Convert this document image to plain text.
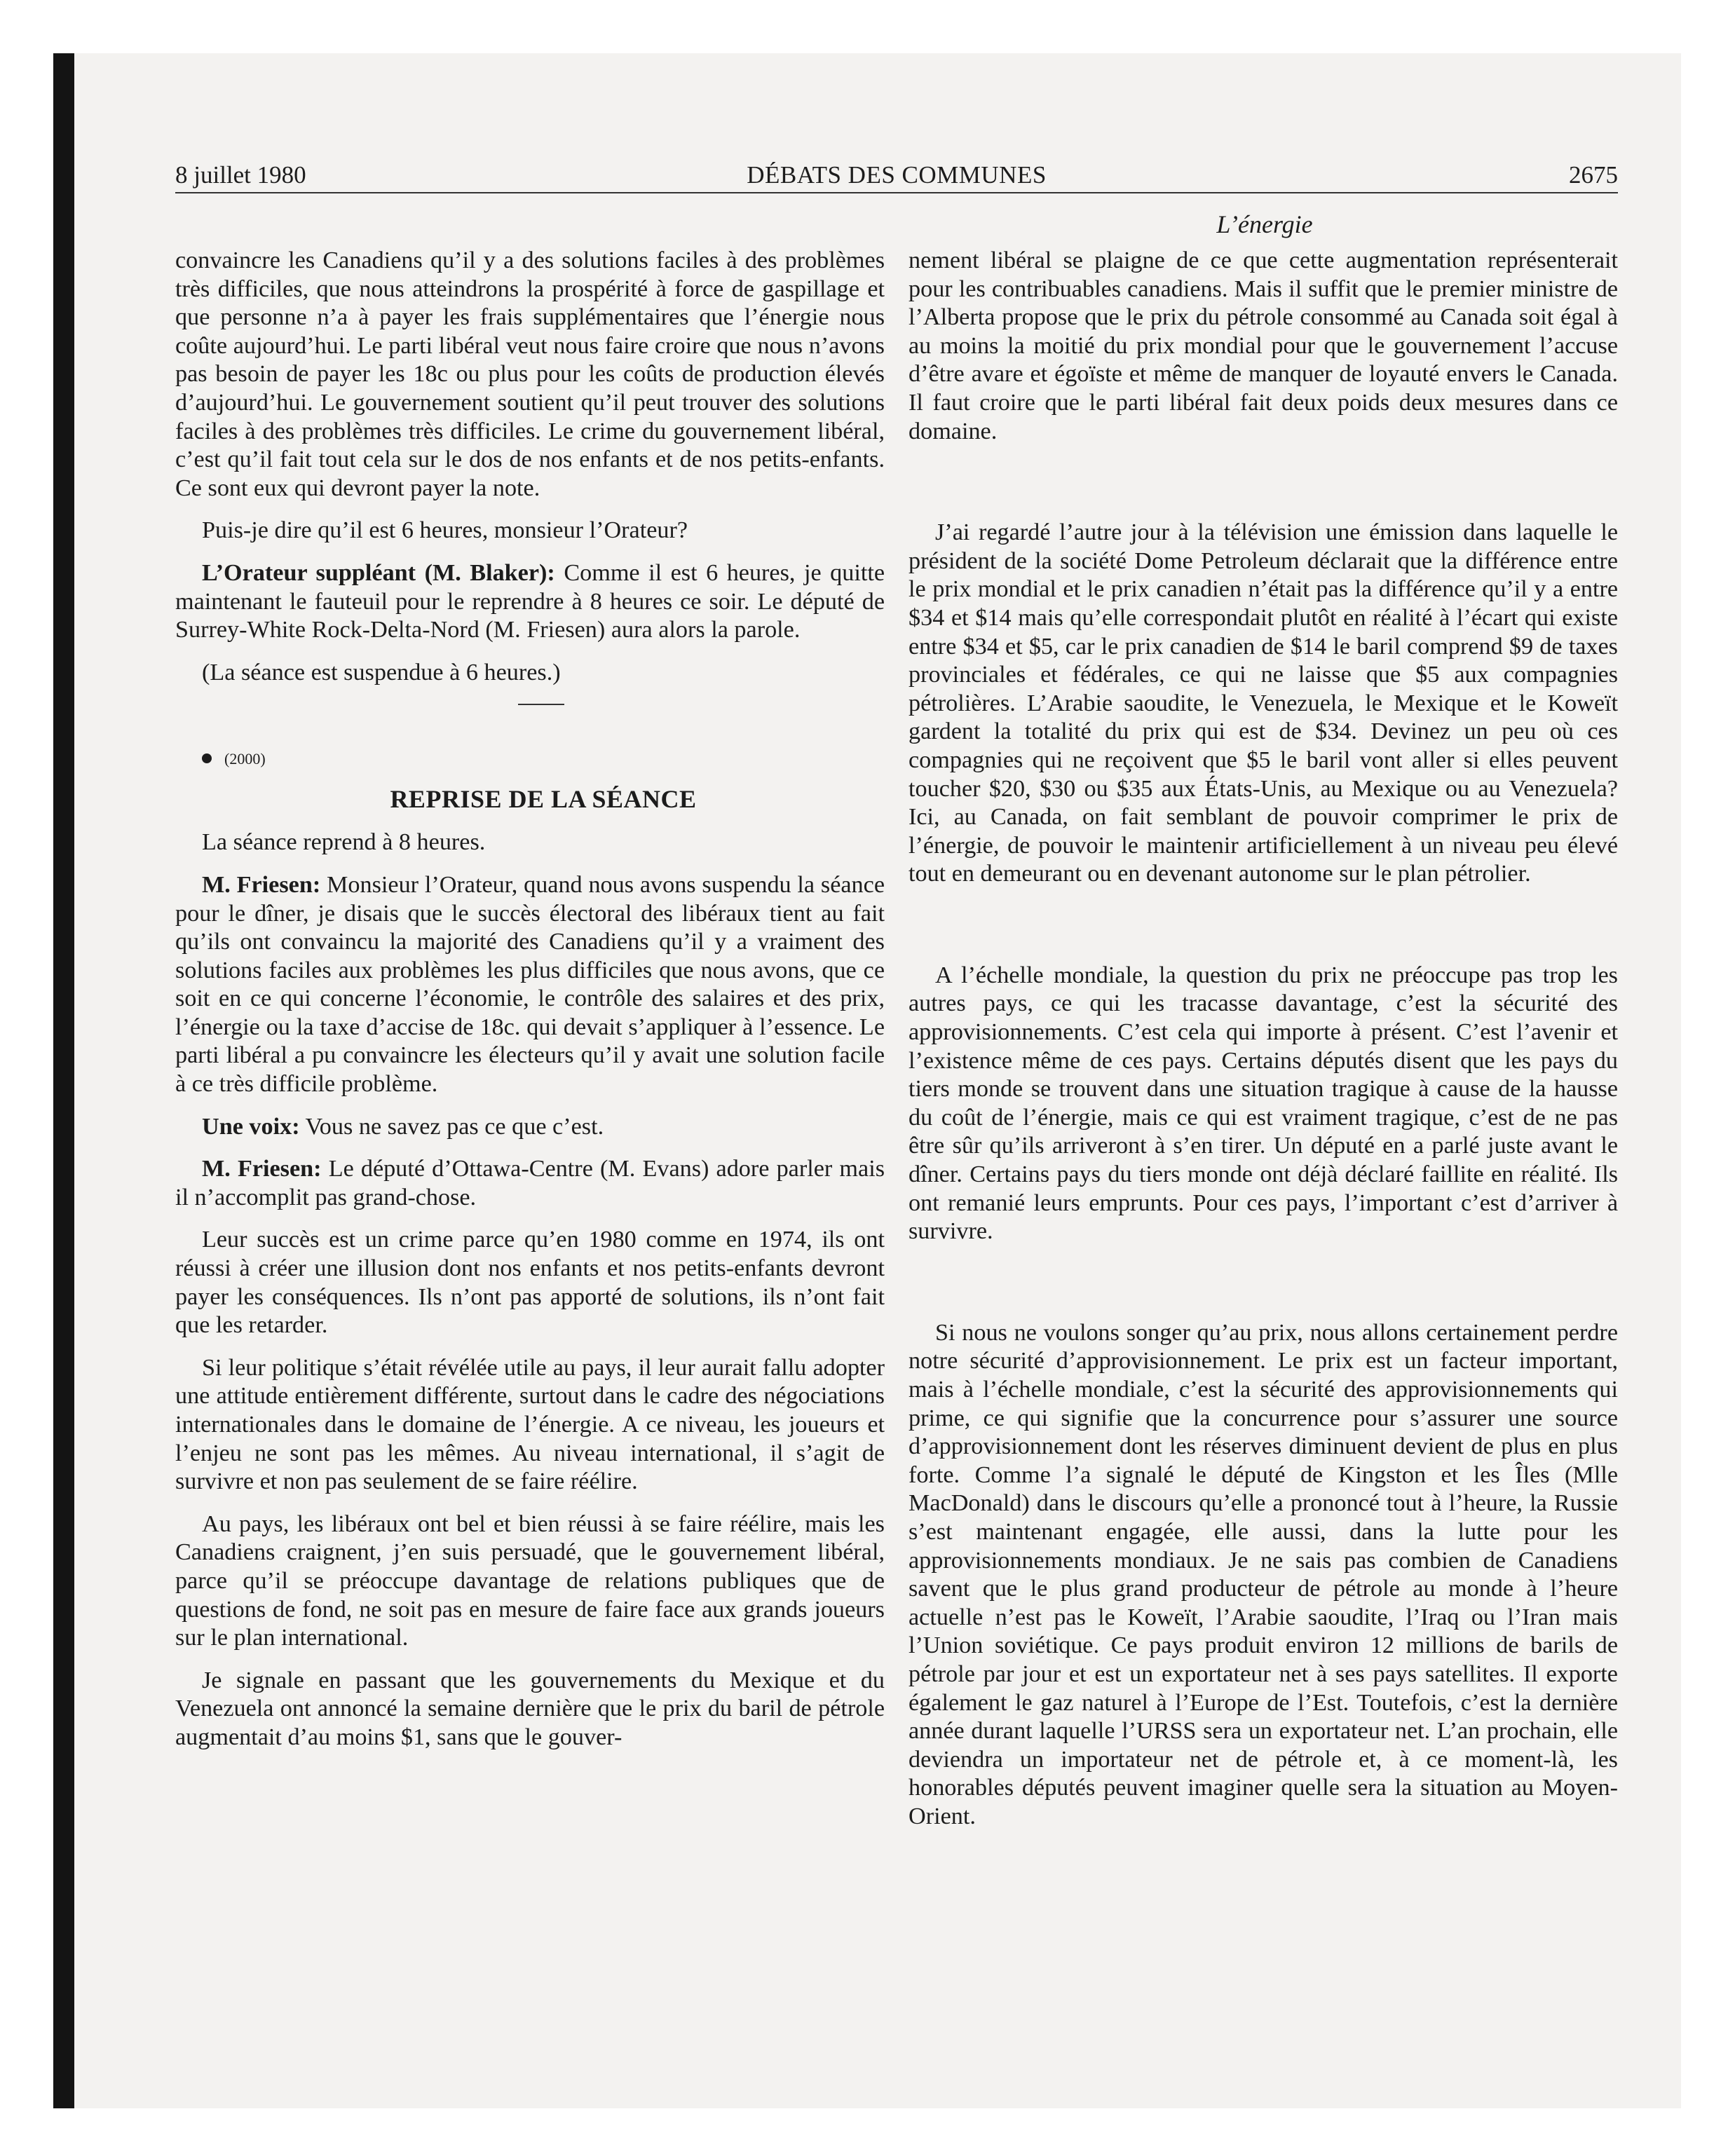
8 juillet 1980	DÉBATS DES COMMUNES	2675
L’énergie

convaincre les Canadiens qu’il y a des solutions faciles à des problèmes très difficiles, que nous atteindrons la prospérité à force de gaspillage et que personne n’a à payer les frais supplémentaires que l’énergie nous coûte aujourd’hui. Le parti libéral veut nous faire croire que nous n’avons pas besoin de payer les 18c ou plus pour les coûts de production élevés d’aujourd’hui. Le gouvernement soutient qu’il peut trouver des solutions faciles à des problèmes très difficiles. Le crime du gouvernement libéral, c’est qu’il fait tout cela sur le dos de nos enfants et de nos petits-enfants. Ce sont eux qui devront payer la note.

Puis-je dire qu’il est 6 heures, monsieur l’Orateur?

L’Orateur suppléant (M. Blaker): Comme il est 6 heures, je quitte maintenant le fauteuil pour le reprendre à 8 heures ce soir. Le député de Surrey-White Rock-Delta-Nord (M. Friesen) aura alors la parole.

(La séance est suspendue à 6 heures.)

(2000)

REPRISE DE LA SÉANCE

La séance reprend à 8 heures.

M. Friesen: Monsieur l’Orateur, quand nous avons suspendu la séance pour le dîner, je disais que le succès électoral des libéraux tient au fait qu’ils ont convaincu la majorité des Canadiens qu’il y a vraiment des solutions faciles aux problèmes les plus difficiles que nous avons, que ce soit en ce qui concerne l’économie, le contrôle des salaires et des prix, l’énergie ou la taxe d’accise de 18c. qui devait s’appliquer à l’essence. Le parti libéral a pu convaincre les électeurs qu’il y avait une solution facile à ce très difficile problème.

Une voix: Vous ne savez pas ce que c’est.

M. Friesen: Le député d’Ottawa-Centre (M. Evans) adore parler mais il n’accomplit pas grand-chose.

Leur succès est un crime parce qu’en 1980 comme en 1974, ils ont réussi à créer une illusion dont nos enfants et nos petits-enfants devront payer les conséquences. Ils n’ont pas apporté de solutions, ils n’ont fait que les retarder.

Si leur politique s’était révélée utile au pays, il leur aurait fallu adopter une attitude entièrement différente, surtout dans le cadre des négociations internationales dans le domaine de l’énergie. A ce niveau, les joueurs et l’enjeu ne sont pas les mêmes. Au niveau international, il s’agit de survivre et non pas seulement de se faire réélire.

Au pays, les libéraux ont bel et bien réussi à se faire réélire, mais les Canadiens craignent, j’en suis persuadé, que le gouvernement libéral, parce qu’il se préoccupe davantage de relations publiques que de questions de fond, ne soit pas en mesure de faire face aux grands joueurs sur le plan international.

Je signale en passant que les gouvernements du Mexique et du Venezuela ont annoncé la semaine dernière que le prix du baril de pétrole augmentait d’au moins $1, sans que le gouver-

nement libéral se plaigne de ce que cette augmentation représenterait pour les contribuables canadiens. Mais il suffit que le premier ministre de l’Alberta propose que le prix du pétrole consommé au Canada soit égal à au moins la moitié du prix mondial pour que le gouvernement l’accuse d’être avare et égoïste et même de manquer de loyauté envers le Canada. Il faut croire que le parti libéral fait deux poids deux mesures dans ce domaine.

J’ai regardé l’autre jour à la télévision une émission dans laquelle le président de la société Dome Petroleum déclarait que la différence entre le prix mondial et le prix canadien n’était pas la différence qu’il y a entre $34 et $14 mais qu’elle correspondait plutôt en réalité à l’écart qui existe entre $34 et $5, car le prix canadien de $14 le baril comprend $9 de taxes provinciales et fédérales, ce qui ne laisse que $5 aux compagnies pétrolières. L’Arabie saoudite, le Venezuela, le Mexique et le Koweït gardent la totalité du prix qui est de $34. Devinez un peu où ces compagnies qui ne reçoivent que $5 le baril vont aller si elles peuvent toucher $20, $30 ou $35 aux États-Unis, au Mexique ou au Venezuela? Ici, au Canada, on fait semblant de pouvoir comprimer le prix de l’énergie, de pouvoir le maintenir artificiellement à un niveau peu élevé tout en demeurant ou en devenant autonome sur le plan pétrolier.

A l’échelle mondiale, la question du prix ne préoccupe pas trop les autres pays, ce qui les tracasse davantage, c’est la sécurité des approvisionnements. C’est cela qui importe à présent. C’est l’avenir et l’existence même de ces pays. Certains députés disent que les pays du tiers monde se trouvent dans une situation tragique à cause de la hausse du coût de l’énergie, mais ce qui est vraiment tragique, c’est de ne pas être sûr qu’ils arriveront à s’en tirer. Un député en a parlé juste avant le dîner. Certains pays du tiers monde ont déjà déclaré faillite en réalité. Ils ont remanié leurs emprunts. Pour ces pays, l’important c’est d’arriver à survivre.

Si nous ne voulons songer qu’au prix, nous allons certainement perdre notre sécurité d’approvisionnement. Le prix est un facteur important, mais à l’échelle mondiale, c’est la sécurité des approvisionnements qui prime, ce qui signifie que la concurrence pour s’assurer une source d’approvisionnement dont les réserves diminuent devient de plus en plus forte. Comme l’a signalé le député de Kingston et les Îles (Mlle MacDonald) dans le discours qu’elle a prononcé tout à l’heure, la Russie s’est maintenant engagée, elle aussi, dans la lutte pour les approvisionnements mondiaux. Je ne sais pas combien de Canadiens savent que le plus grand producteur de pétrole au monde à l’heure actuelle n’est pas le Koweït, l’Arabie saoudite, l’Iraq ou l’Iran mais l’Union soviétique. Ce pays produit environ 12 millions de barils de pétrole par jour et est un exportateur net à ses pays satellites. Il exporte également le gaz naturel à l’Europe de l’Est. Toutefois, c’est la dernière année durant laquelle l’URSS sera un exportateur net. L’an prochain, elle deviendra un importateur net de pétrole et, à ce moment-là, les honorables députés peuvent imaginer quelle sera la situation au Moyen-Orient.
